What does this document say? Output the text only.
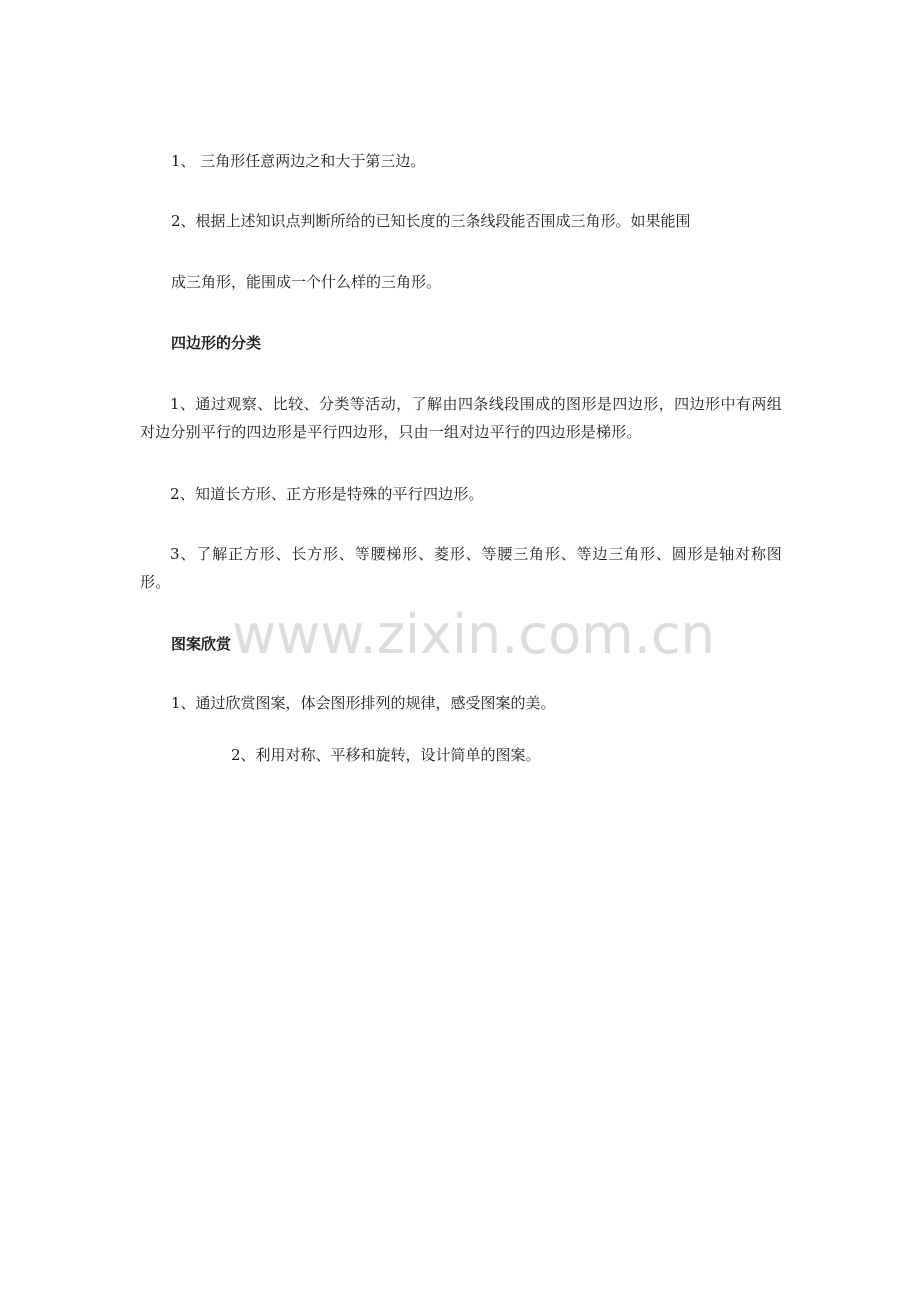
1、 三角形任意两边之和大于第三边。
2、根据上述知识点判断所给的已知长度的三条线段能否围成三角形。如果能围
成三角形，能围成一个什么样的三角形。
四边形的分类
1、通过观察、比较、分类等活动，了解由四条线段围成的图形是四边形，四边形中有两组对边分别平行的四边形是平行四边形，只由一组对边平行的四边形是梯形。
2、知道长方形、正方形是特殊的平行四边形。
3、了解正方形、长方形、等腰梯形、菱形、等腰三角形、等边三角形、圆形是轴对称图形。
图案欣赏
1、通过欣赏图案，体会图形排列的规律，感受图案的美。
2、利用对称、平移和旋转，设计简单的图案。
www.zixin.com.cn
